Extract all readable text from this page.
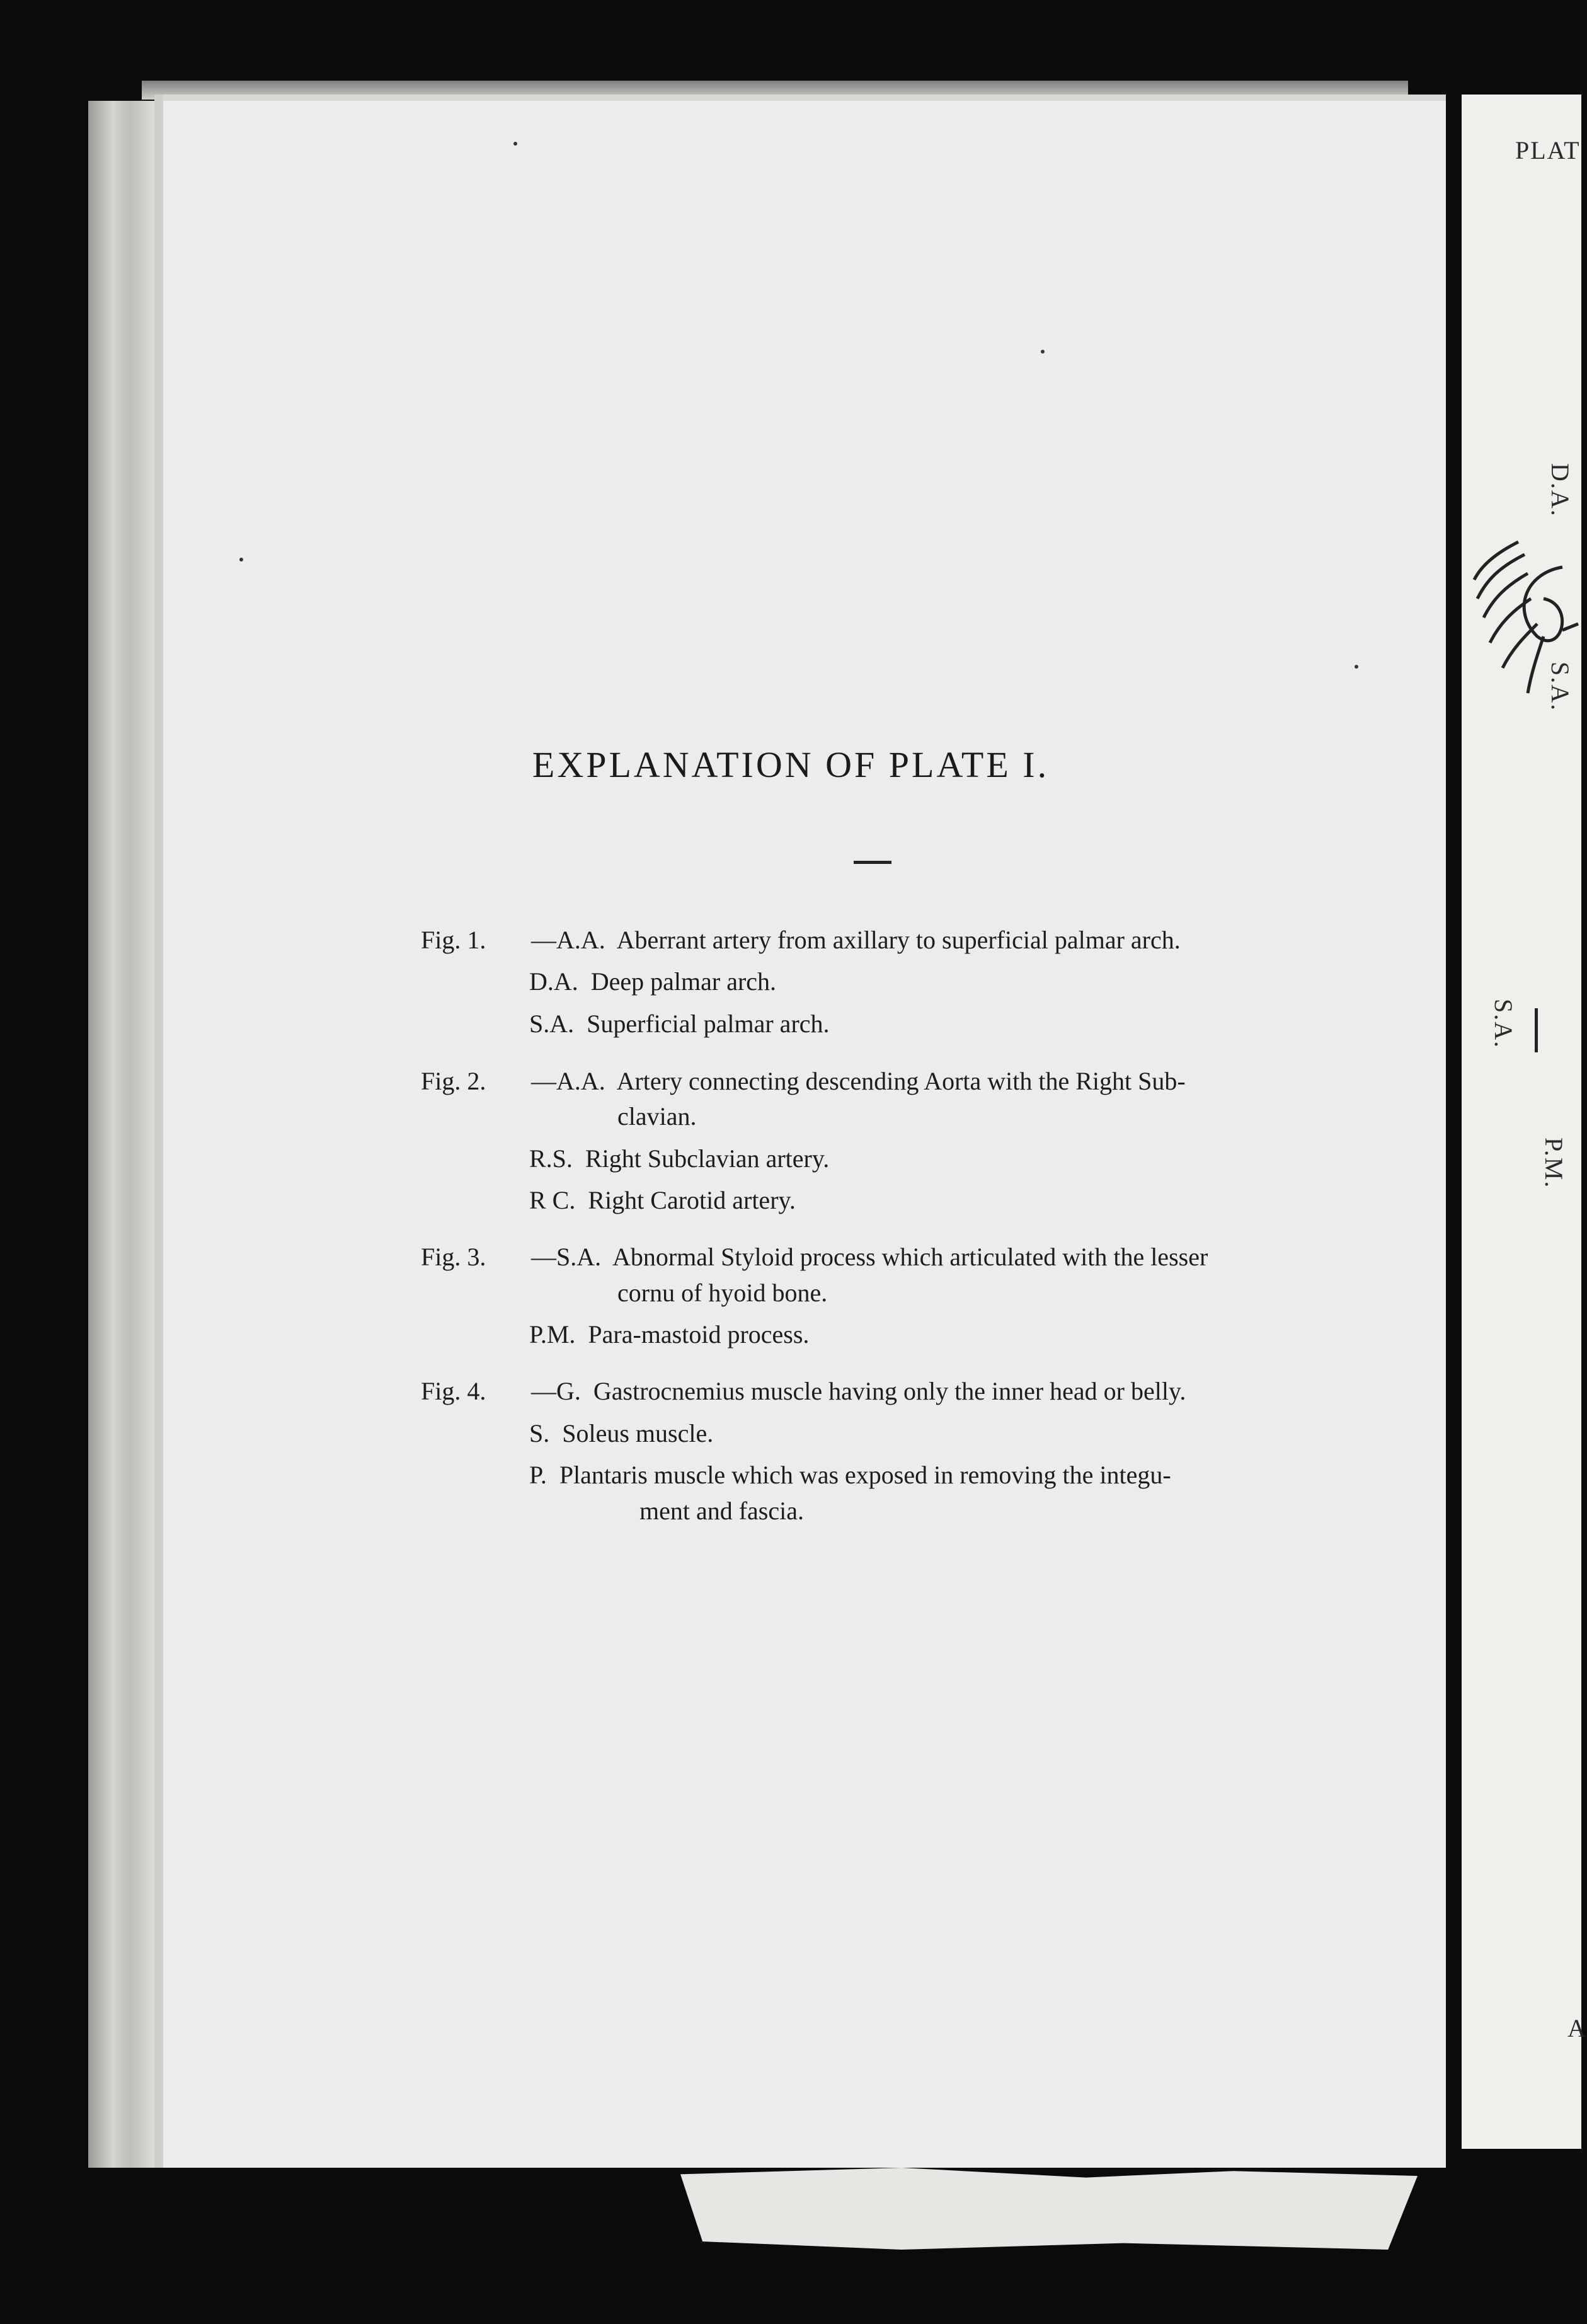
PLAT
D.A.
S.A.
S.A.
P.M.
A
EXPLANATION OF PLATE I.
Fig. 1. —A.A. Aberrant artery from axillary to superficial palmar arch.
D.A. Deep palmar arch.
S.A. Superficial palmar arch.
Fig. 2. —A.A. Artery connecting descending Aorta with the Right Sub-
clavian.
R.S. Right Subclavian artery.
R C. Right Carotid artery.
Fig. 3. —S.A. Abnormal Styloid process which articulated with the lesser
cornu of hyoid bone.
P.M. Para-mastoid process.
Fig. 4. —G. Gastrocnemius muscle having only the inner head or belly.
S. Soleus muscle.
P. Plantaris muscle which was exposed in removing the integu-
ment and fascia.
